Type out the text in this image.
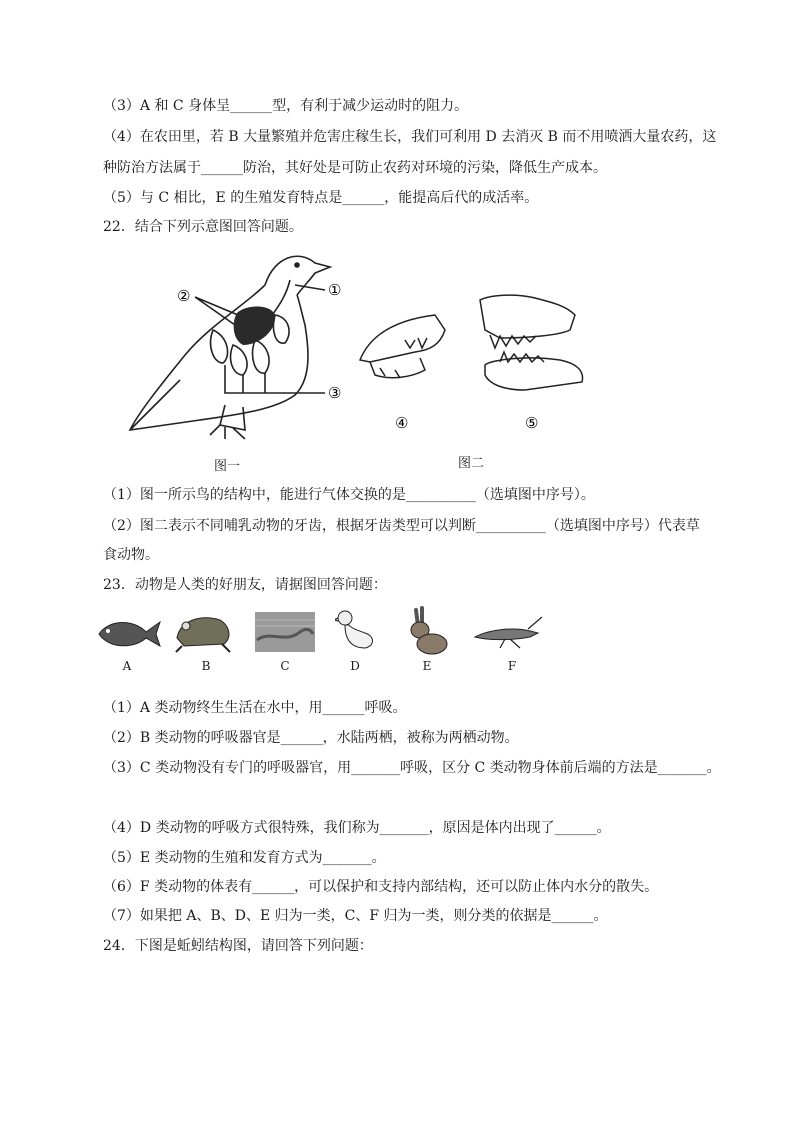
（3）A 和 C 身体呈______型，有利于减少运动时的阻力。
（4）在农田里，若 B 大量繁殖并危害庄稼生长，我们可利用 D 去消灭 B 而不用喷洒大量农药，这
种防治方法属于______防治，其好处是可防止农药对环境的污染，降低生产成本。
（5）与 C 相比，E 的生殖发育特点是______，能提高后代的成活率。
22．结合下列示意图回答问题。
①
②
③
图一
④	⑤
图二
（1）图一所示鸟的结构中，能进行气体交换的是__________（选填图中序号）。
（2）图二表示不同哺乳动物的牙齿，根据牙齿类型可以判断__________（选填图中序号）代表草
食动物。
23．动物是人类的好朋友，请据图回答问题：
A	B	C	D	E	F
（1）A 类动物终生生活在水中，用______呼吸。
（2）B 类动物的呼吸器官是______，水陆两栖，被称为两栖动物。
（3）C 类动物没有专门的呼吸器官，用_______呼吸，区分 C 类动物身体前后端的方法是_______。
（4）D 类动物的呼吸方式很特殊，我们称为_______，原因是体内出现了______。
（5）E 类动物的生殖和发育方式为_______。
（6）F 类动物的体表有______，可以保护和支持内部结构，还可以防止体内水分的散失。
（7）如果把 A、B、D、E 归为一类，C、F 归为一类，则分类的依据是______。
24．下图是蚯蚓结构图，请回答下列问题：
